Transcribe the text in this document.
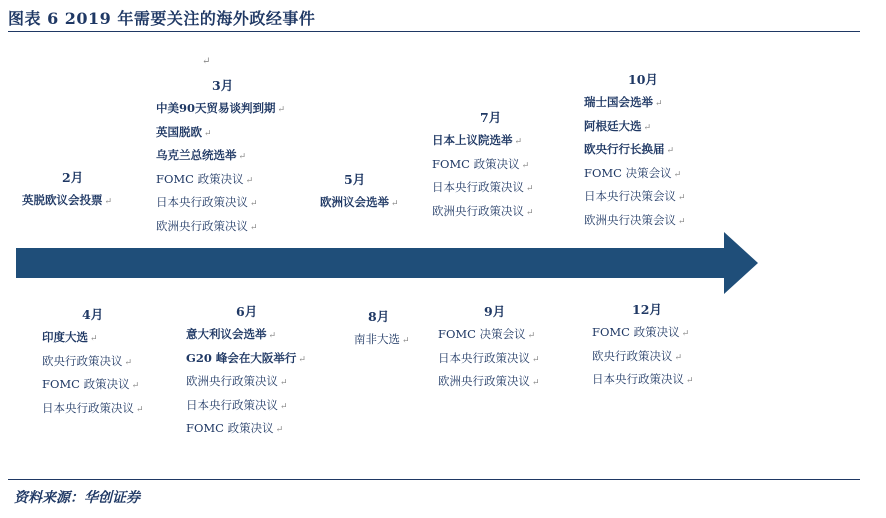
图表 6 2019 年需要关注的海外政经事件
↵
2月
英脱欧议会投票 ↵
3月
中美90天贸易谈判到期 ↵
英国脱欧 ↵
乌克兰总统选举 ↵
FOMC 政策决议 ↵
日本央行政策决议 ↵
欧洲央行政策决议 ↵
5月
欧洲议会选举 ↵
7月
日本上议院选举 ↵
FOMC 政策决议 ↵
日本央行政策决议 ↵
欧洲央行政策决议 ↵
10月
瑞士国会选举 ↵
阿根廷大选 ↵
欧央行行长换届 ↵
FOMC 决策会议 ↵
日本央行决策会议 ↵
欧洲央行决策会议 ↵
4月
印度大选 ↵
欧央行政策决议 ↵
FOMC 政策决议 ↵
日本央行政策决议 ↵
6月
意大利议会选举 ↵
G20 峰会在大阪举行 ↵
欧洲央行政策决议 ↵
日本央行政策决议 ↵
FOMC 政策决议 ↵
8月
南非大选 ↵
9月
FOMC 决策会议 ↵
日本央行政策决议 ↵
欧洲央行政策决议 ↵
12月
FOMC 政策决议 ↵
欧央行政策决议 ↵
日本央行政策决议 ↵
资料来源：华创证券
